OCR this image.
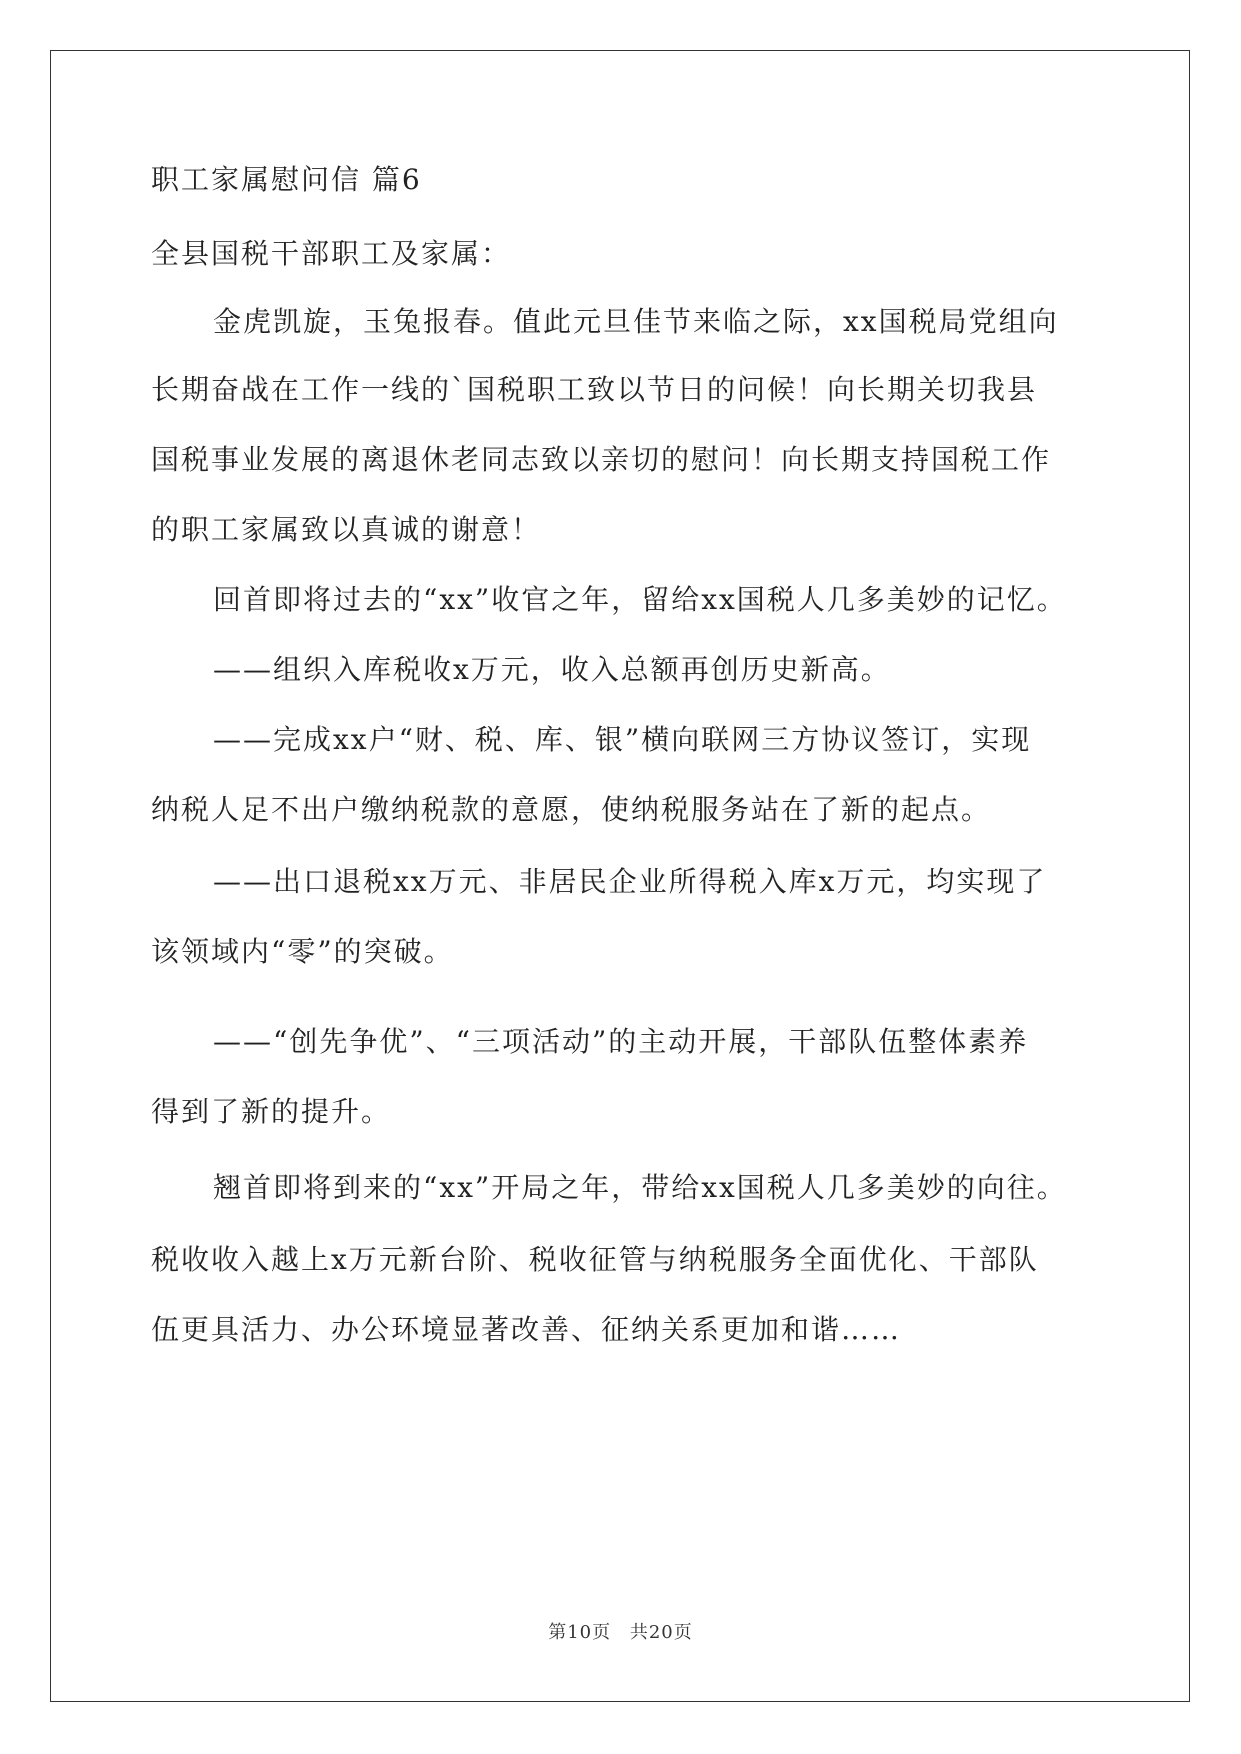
职工家属慰问信 篇6
全县国税干部职工及家属：
金虎凯旋，玉兔报春。值此元旦佳节来临之际，xx国税局党组向
长期奋战在工作一线的`国税职工致以节日的问候！向长期关切我县
国税事业发展的离退休老同志致以亲切的慰问！向长期支持国税工作
的职工家属致以真诚的谢意！
回首即将过去的“xx”收官之年，留给xx国税人几多美妙的记忆。
——组织入库税收x万元，收入总额再创历史新高。
——完成xx户“财、税、库、银”横向联网三方协议签订，实现
纳税人足不出户缴纳税款的意愿，使纳税服务站在了新的起点。
——出口退税xx万元、非居民企业所得税入库x万元，均实现了
该领域内“零”的突破。
——“创先争优”、“三项活动”的主动开展，干部队伍整体素养
得到了新的提升。
翘首即将到来的“xx”开局之年，带给xx国税人几多美妙的向往。
税收收入越上x万元新台阶、税收征管与纳税服务全面优化、干部队
伍更具活力、办公环境显著改善、征纳关系更加和谐……
第10页 共20页
